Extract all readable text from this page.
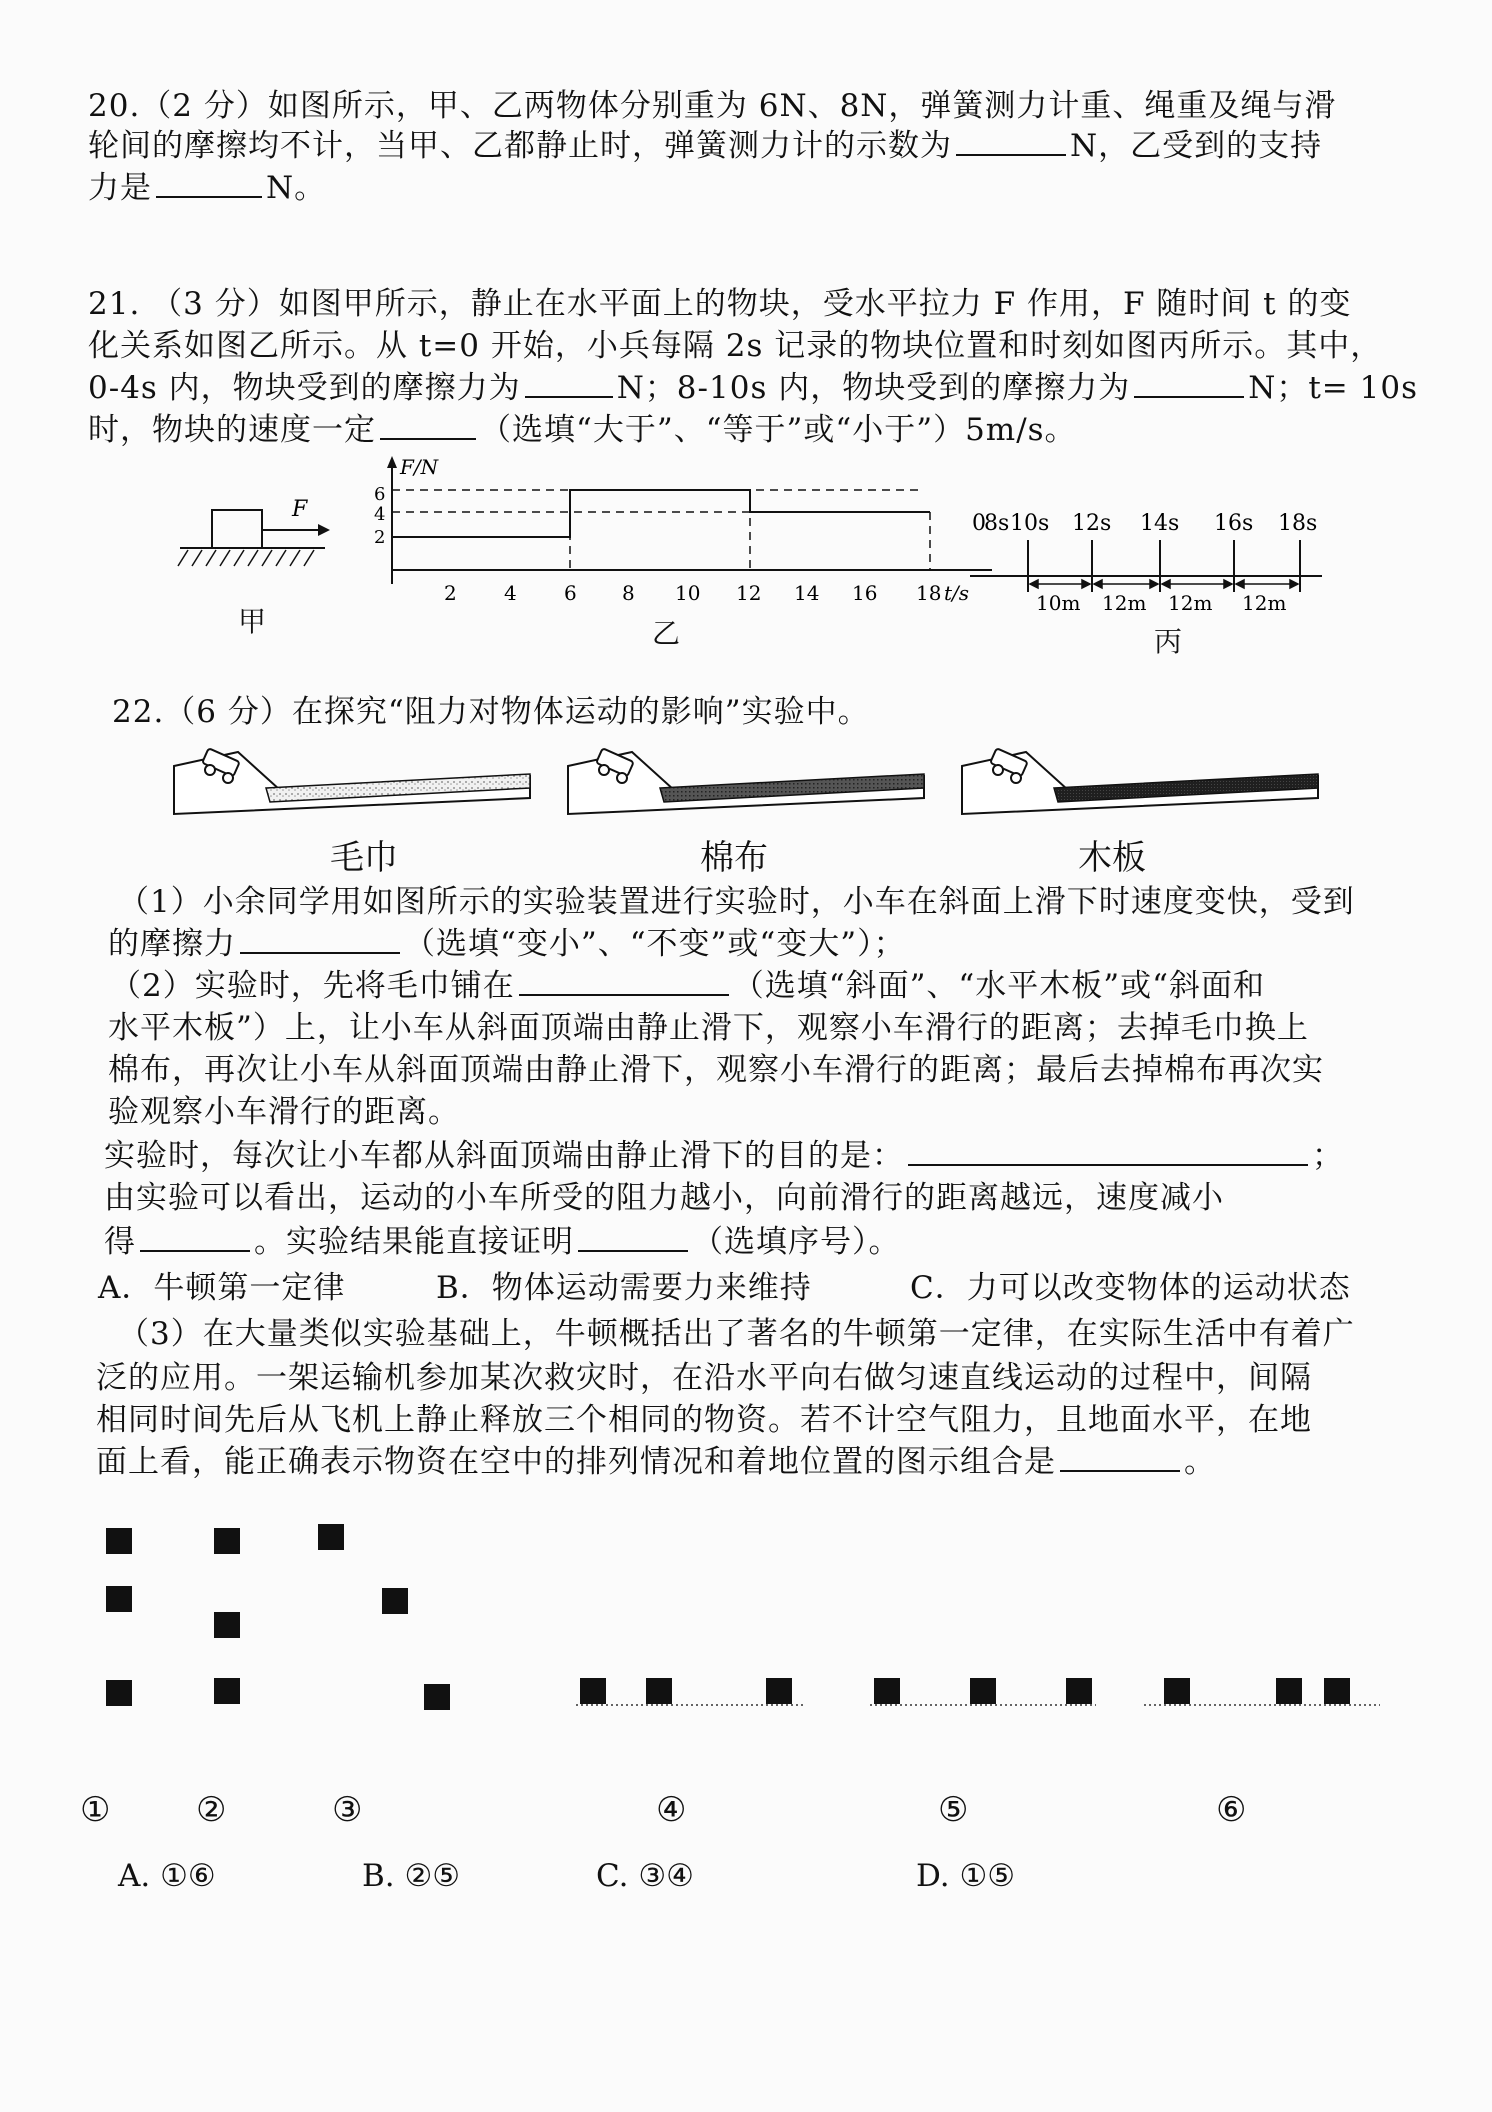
20.（2 分）如图所示，甲、乙两物体分别重为 6N、8N，弹簧测力计重、绳重及绳与滑

轮间的摩擦均不计，当甲、乙都静止时，弹簧测力计的示数为	N，乙受到的支持

力是	N。

21. （3 分）如图甲所示，静止在水平面上的物块，受水平拉力 F 作用，F 随时间 t 的变

化关系如图乙所示。从 t=0 开始，小兵每隔 2s 记录的物块位置和时刻如图丙所示。其中，

0-4s 内，物块受到的摩擦力为	N；8-10s 内，物块受到的摩擦力为	N；t= 10s

时，物块的速度一定	（选填“大于”、“等于”或“小于”）5m/s。

F
甲
F/N
6
4
2
2 4 6 8 10 12 14 16 18 t/s
乙
0
8s 10s 12s 14s 16s 18s
10m 12m 12m 12m
丙

22.（6 分）在探究“阻力对物体运动的影响”实验中。

毛巾	棉布	木板

（1）小余同学用如图所示的实验装置进行实验时，小车在斜面上滑下时速度变快，受到

的摩擦力	（选填“变小”、“不变”或“变大”）；

（2）实验时，先将毛巾铺在	（选填“斜面”、“水平木板”或“斜面和

水平木板”）上，让小车从斜面顶端由静止滑下，观察小车滑行的距离；去掉毛巾换上

棉布，再次让小车从斜面顶端由静止滑下，观察小车滑行的距离；最后去掉棉布再次实

验观察小车滑行的距离。

实验时，每次让小车都从斜面顶端由静止滑下的目的是：	；

由实验可以看出，运动的小车所受的阻力越小，向前滑行的距离越远，速度减小

得	。实验结果能直接证明	（选填序号）。

A．牛顿第一定律	B．物体运动需要力来维持	C．力可以改变物体的运动状态

（3）在大量类似实验基础上，牛顿概括出了著名的牛顿第一定律，在实际生活中有着广

泛的应用。一架运输机参加某次救灾时，在沿水平向右做匀速直线运动的过程中，间隔

相同时间先后从飞机上静止释放三个相同的物资。若不计空气阻力，且地面水平，在地

面上看，能正确表示物资在空中的排列情况和着地位置的图示组合是	。

①	②	③	④	⑤	⑥
A. ①⑥	B. ②⑤	C. ③④	D. ①⑤
